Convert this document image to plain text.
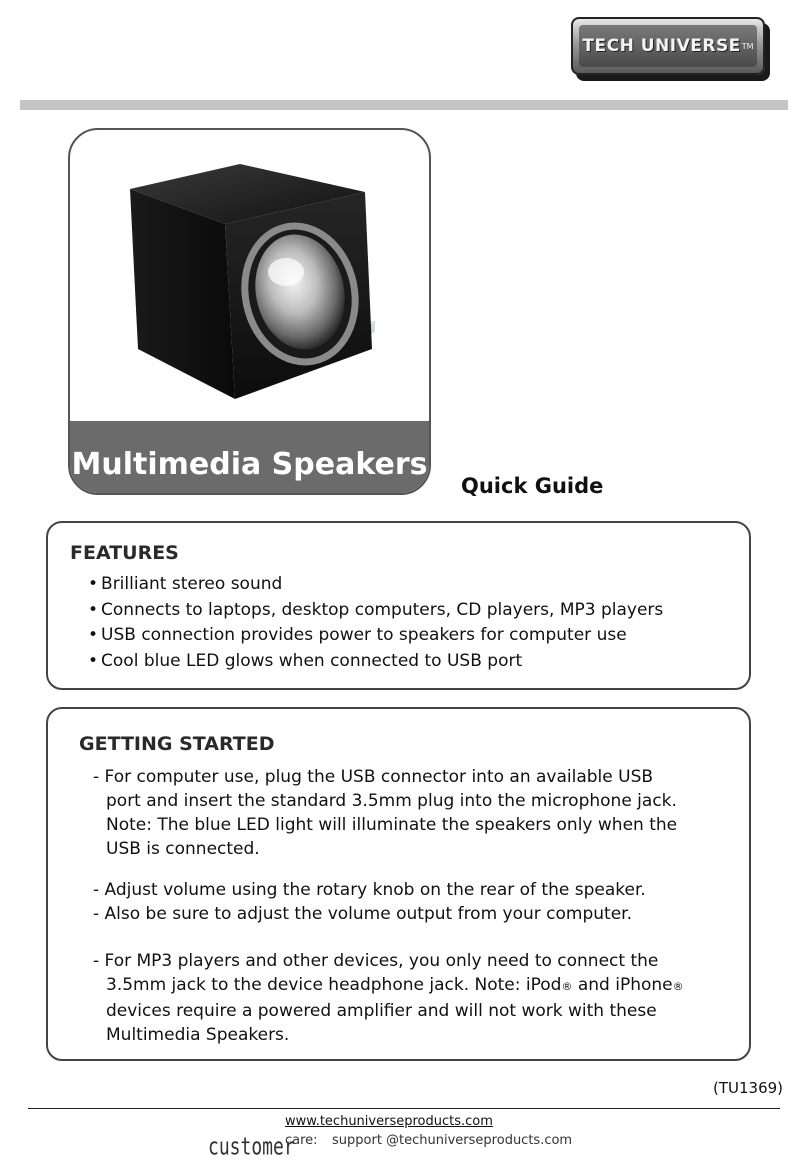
TECH UNIVERSE TM
Multimedia Speakers
Quick Guide
FEATURES
• Brilliant stereo sound
• Connects to laptops, desktop computers, CD players, MP3 players
• USB connection provides power to speakers for computer use
• Cool blue LED glows when connected to USB port
GETTING STARTED
- For computer use, plug the USB connector into an available USB
port and insert the standard 3.5mm plug into the microphone jack.
Note: The blue LED light will illuminate the speakers only when the
USB is connected.
- Adjust volume using the rotary knob on the rear of the speaker.
- Also be sure to adjust the volume output from your computer.
- For MP3 players and other devices, you only need to connect the
3.5mm jack to the device headphone jack. Note: iPod® and iPhone®
devices require a powered amplifier and will not work with these
Multimedia Speakers.
(TU1369)
www.techuniverseproducts.com
customer
care: support @techuniverseproducts.com
